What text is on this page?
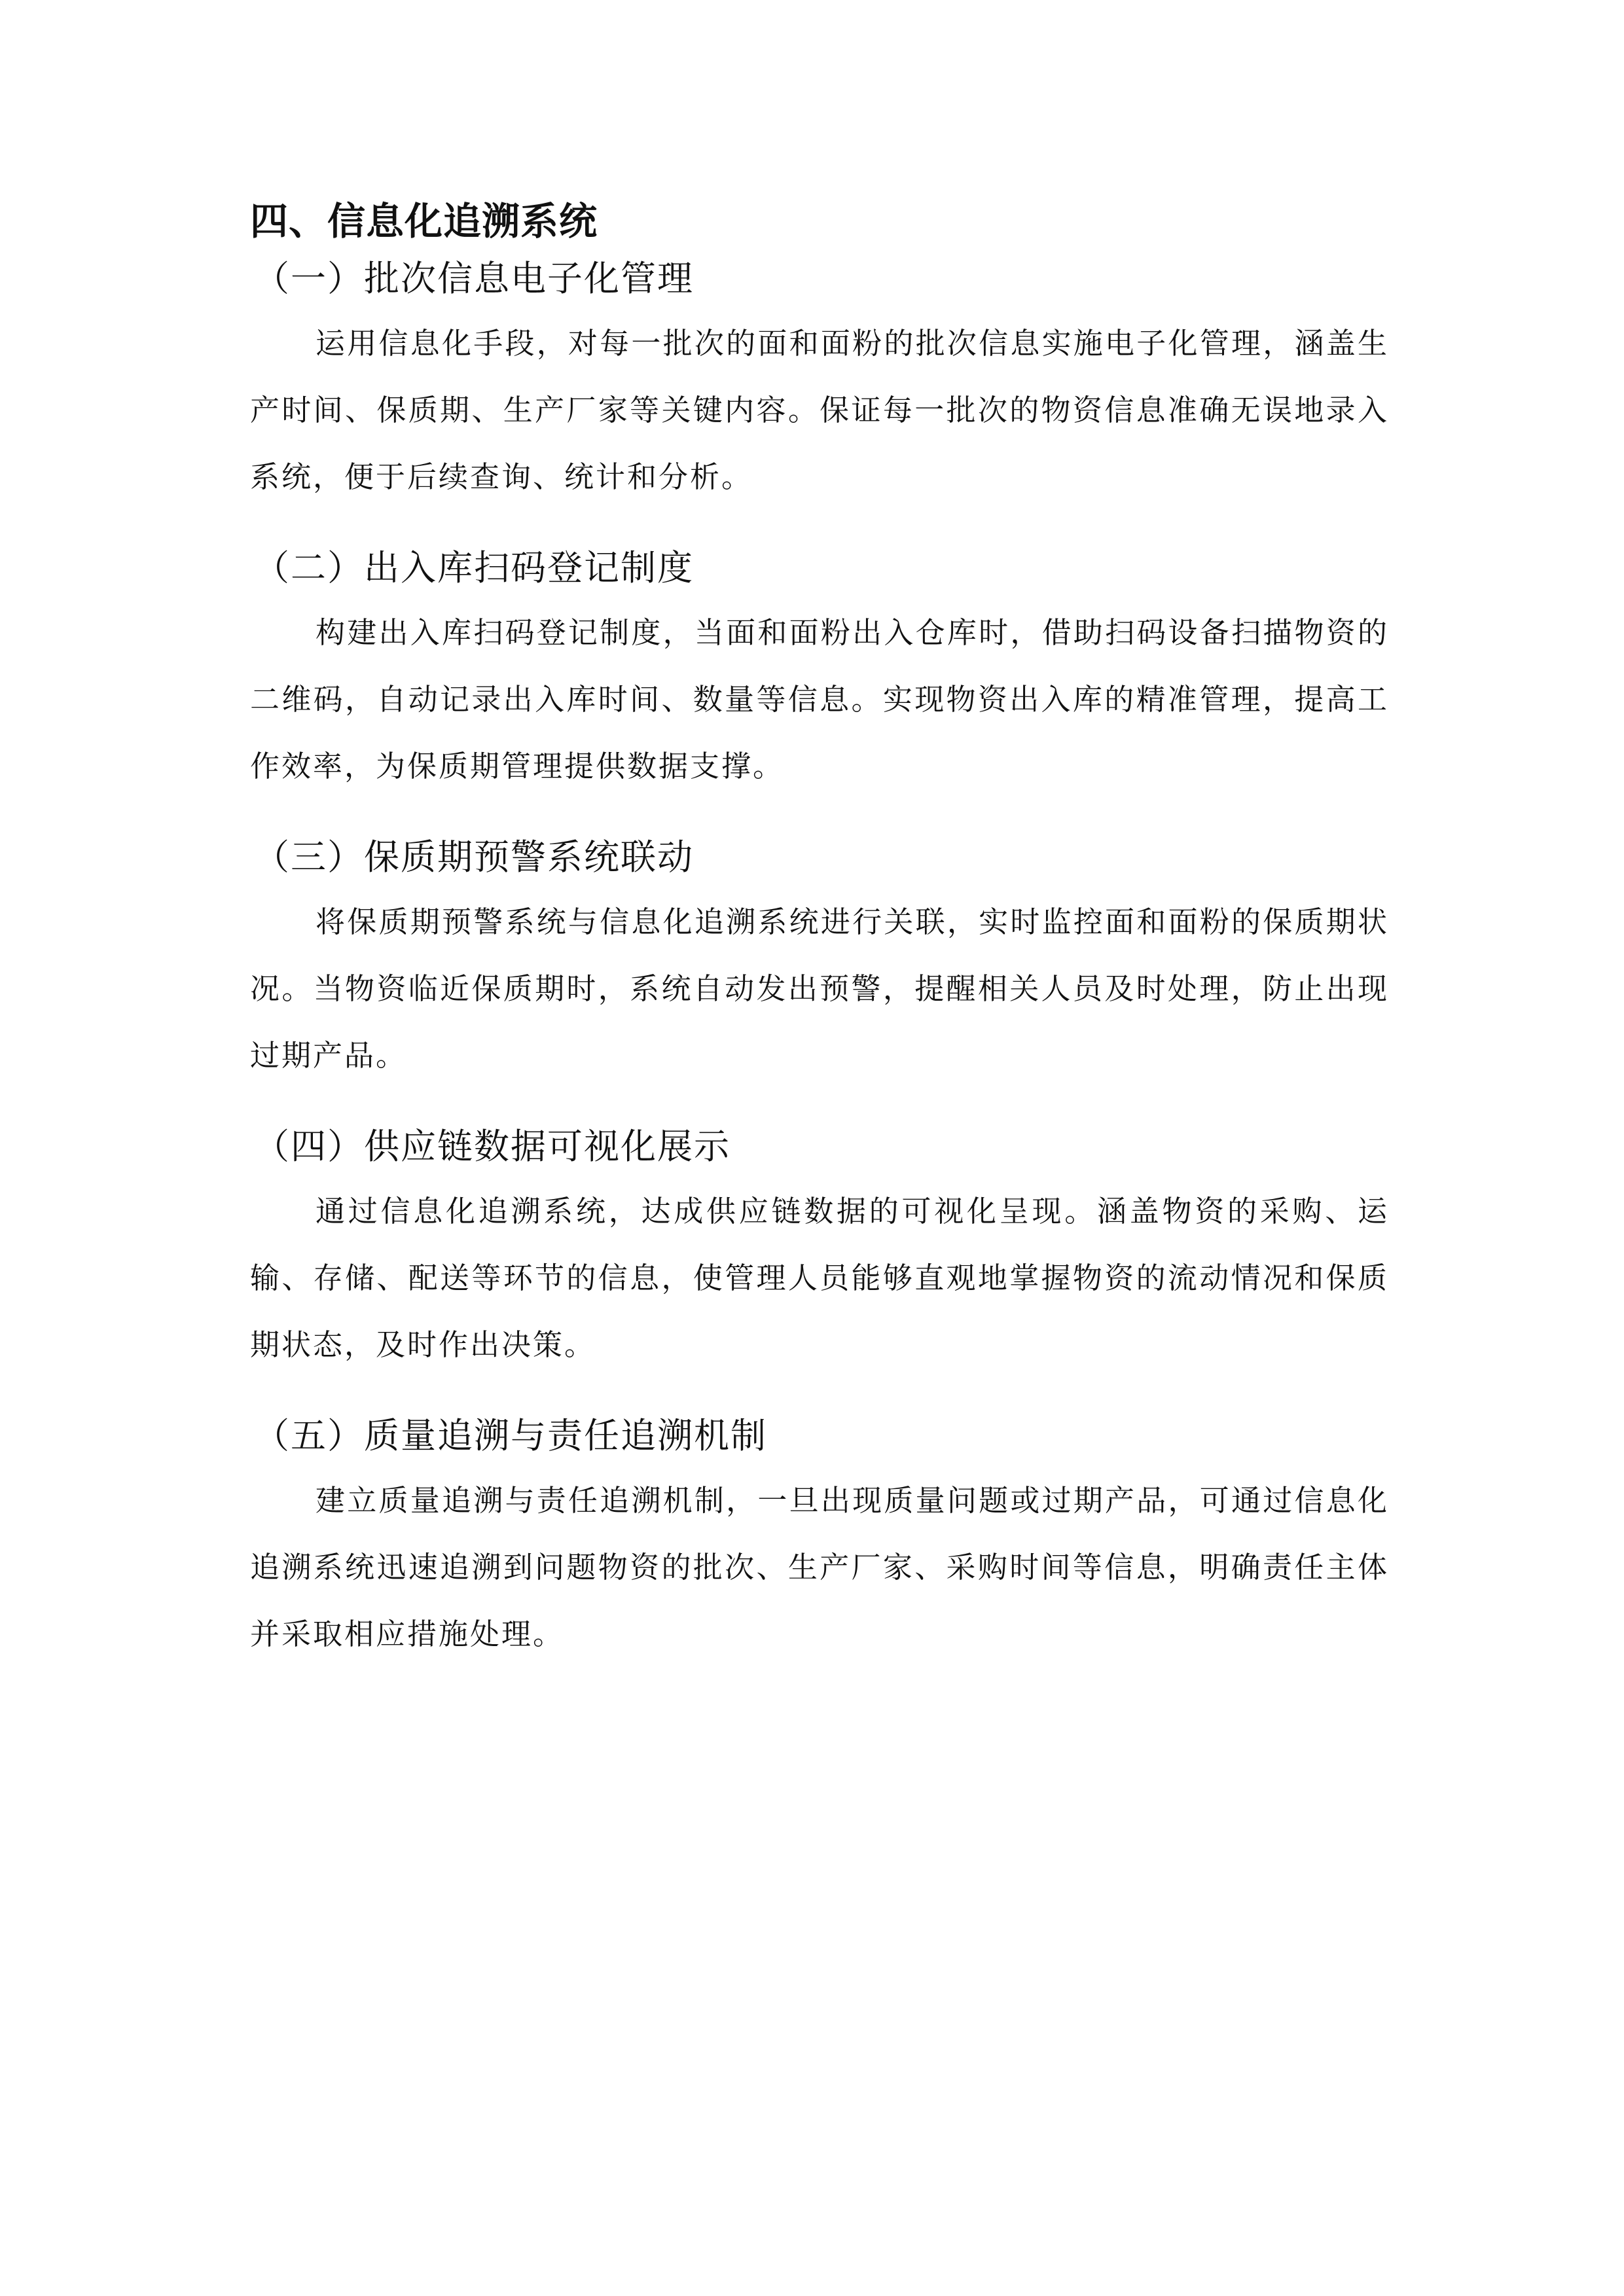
四、信息化追溯系统
（一）批次信息电子化管理

运用信息化手段，对每一批次的面和面粉的批次信息实施电子化管理，涵盖生产时间、保质期、生产厂家等关键内容。保证每一批次的物资信息准确无误地录入系统，便于后续查询、统计和分析。

（二）出入库扫码登记制度

构建出入库扫码登记制度，当面和面粉出入仓库时，借助扫码设备扫描物资的二维码，自动记录出入库时间、数量等信息。实现物资出入库的精准管理，提高工作效率，为保质期管理提供数据支撑。

（三）保质期预警系统联动

将保质期预警系统与信息化追溯系统进行关联，实时监控面和面粉的保质期状况。当物资临近保质期时，系统自动发出预警，提醒相关人员及时处理，防止出现过期产品。

（四）供应链数据可视化展示

通过信息化追溯系统，达成供应链数据的可视化呈现。涵盖物资的采购、运输、存储、配送等环节的信息，使管理人员能够直观地掌握物资的流动情况和保质期状态，及时作出决策。

（五）质量追溯与责任追溯机制

建立质量追溯与责任追溯机制，一旦出现质量问题或过期产品，可通过信息化追溯系统迅速追溯到问题物资的批次、生产厂家、采购时间等信息，明确责任主体并采取相应措施处理。
